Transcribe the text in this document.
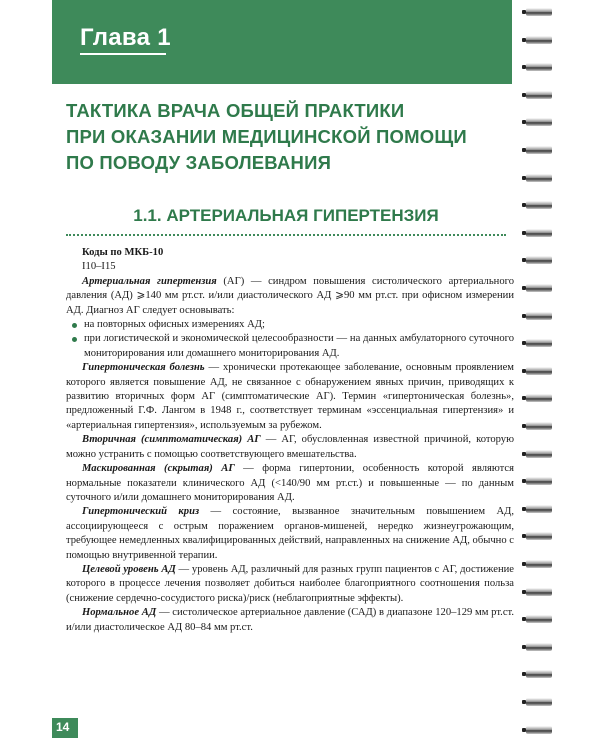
Глава 1
ТАКТИКА ВРАЧА ОБЩЕЙ ПРАКТИКИ
ПРИ ОКАЗАНИИ МЕДИЦИНСКОЙ ПОМОЩИ
ПО ПОВОДУ ЗАБОЛЕВАНИЯ
1.1. АРТЕРИАЛЬНАЯ ГИПЕРТЕНЗИЯ

Коды по МКБ-10

I10–I15

Артериальная гипертензия (АГ) — синдром повышения систолического артериального давления (АД) ⩾140 мм рт.ст. и/или диастолического АД ⩾90 мм рт.ст. при офисном измерении АД. Диагноз АГ следует основывать:

на повторных офисных измерениях АД;
при логистической и экономической целесообразности — на данных амбулаторного суточного мониторирования или домашнего мониторирования АД.

Гипертоническая болезнь — хронически протекающее заболевание, основным проявлением которого является повышение АД, не связанное с обнаружением явных причин, приводящих к развитию вторичных форм АГ (симптоматические АГ). Термин «гипертоническая болезнь», предложенный Г.Ф. Лангом в 1948 г., соответствует терминам «эссенциальная гипертензия» и «артериальная гипертензия», используемым за рубежом.

Вторичная (симптоматическая) АГ — АГ, обусловленная известной причиной, которую можно устранить с помощью соответствующего вмешательства.

Маскированная (скрытая) АГ — форма гипертонии, особенность которой являются нормальные показатели клинического АД (<140/90 мм рт.ст.) и повышенные — по данным суточного и/или домашнего мониторирования АД.

Гипертонический криз — состояние, вызванное значительным повышением АД, ассоциирующееся с острым поражением органов-мишеней, нередко жизнеугрожающим, требующее немедленных квалифицированных действий, направленных на снижение АД, обычно с помощью внутривенной терапии.

Целевой уровень АД — уровень АД, различный для разных групп пациентов с АГ, достижение которого в процессе лечения позволяет добиться наиболее благоприятного соотношения польза (снижение сердечно-сосудистого риска)/риск (неблагоприятные эффекты).

Нормальное АД — систолическое артериальное давление (САД) в диапазоне 120–129 мм рт.ст. и/или диастолическое АД 80–84 мм рт.ст.

14
